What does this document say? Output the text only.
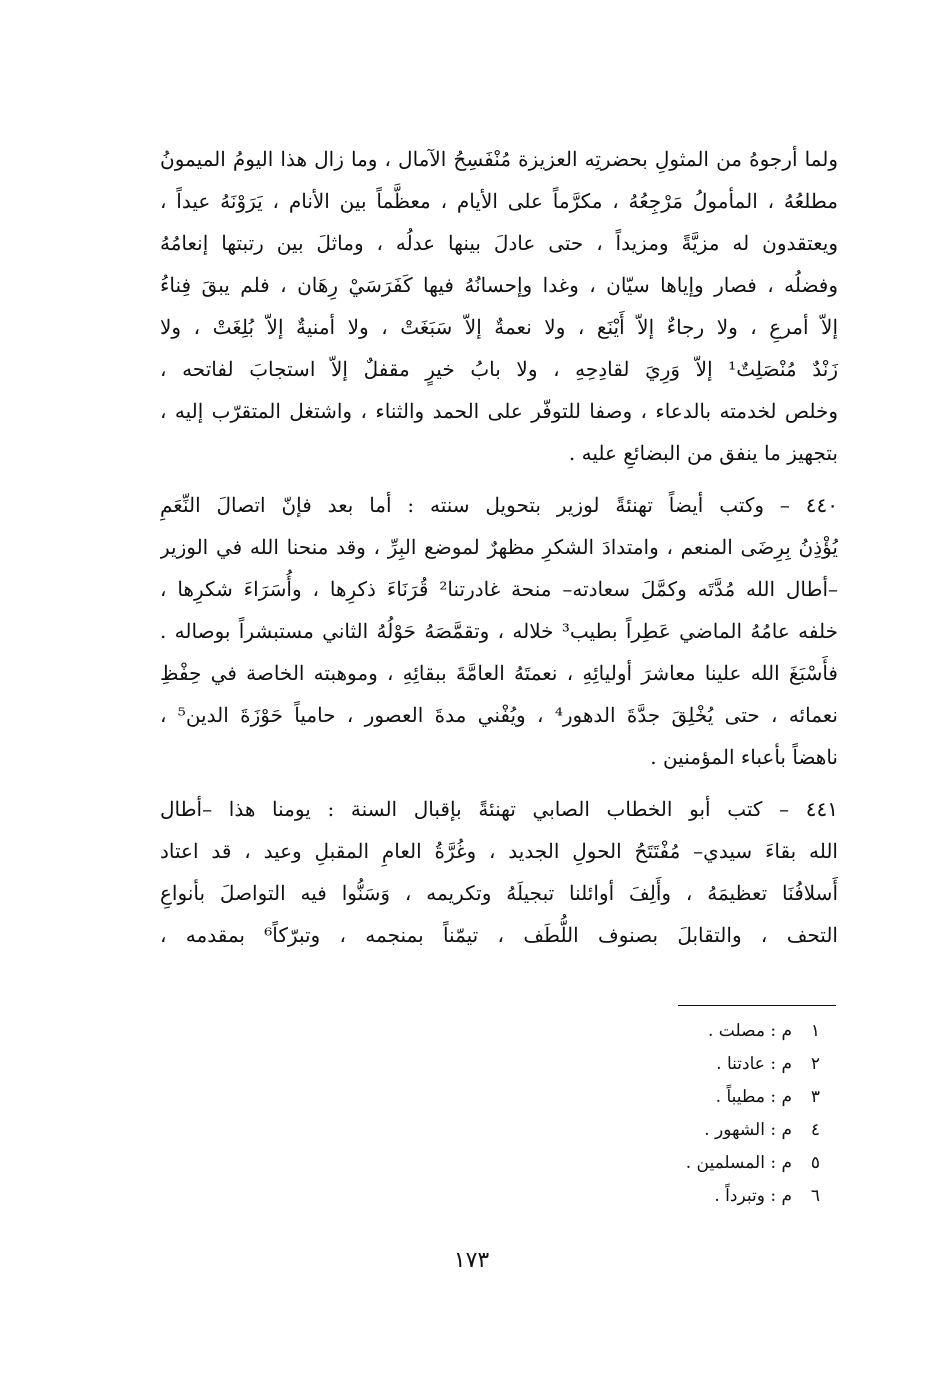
ولما أرجوهُ من المثولِ بحضرتِه العزيزة مُنْفَسِحُ الآمال ، وما زال هذا اليومُ الميمونُ
مطلعُهُ ، المأمولُ مَرْجِعُهُ ، مكرَّماً على الأيام ، معظَّماً بين الأنام ، يَرَوْنَهُ عيداً ،
ويعتقدون له مزيَّةً ومزيداً ، حتى عادلَ بينها عدلُه ، وماثلَ بين رتبتها إنعامُهُ
وفضلُه ، فصار وإياها سيّان ، وغدا وإحسانُهُ فيها كَفَرَسَيْ رِهَان ، فلم يبقَ فِناءُ
إلاّ أمرعِ ، ولا رجاءٌ إلاّ أَيْنَع ، ولا نعمةٌ إلاّ سَبَغَتْ ، ولا أمنيةٌ إلاّ بُلِغَتْ ، ولا
زَنْدٌ مُنْصَلِتٌ¹ إلاّ وَرِيَ لقادِحِهِ ، ولا بابُ خيرٍ مقفلٌ إلاّ استجابَ لفاتحه ،
وخلص لخدمته بالدعاء ، وصفا للتوفّر على الحمد والثناء ، واشتغل المتقرّب إليه ،
بتجهيز ما ينفق من البضائعِ عليه .
٤٤٠ – وكتب أيضاً تهنئةً لوزير بتحويل سنته : أما بعد فإنّ اتصالَ النِّعَمِ
يُؤْذِنُ بِرِضَى المنعم ، وامتدادَ الشكرِ مظهرٌ لموضع البِرِّ ، وقد منحنا الله في الوزير
–أطال الله مُدَّتَه وكمَّلَ سعادته– منحة غادرتنا² قُرَنَاءَ ذكرِها ، وأُسَرَاءَ شكرِها ،
خلفه عامُهُ الماضي عَطِراً بطيب³ خلاله ، وتقمَّصَهُ حَوْلُهُ الثاني مستبشراً بوصاله .
فأَسْبَغَ الله علينا معاشرَ أوليائِهِ ، نعمتَهُ العامَّةَ ببقائِهِ ، وموهبته الخاصة في حِفْظِ
نعمائه ، حتى يُخْلِقَ جدَّةَ الدهور⁴ ، ويُفْني مدةَ العصور ، حامياً حَوْزَةَ الدين⁵ ،
ناهضاً بأعباء المؤمنين .
٤٤١ – كتب أبو الخطاب الصابي تهنئةً بإقبال السنة : يومنا هذا –أطال
الله بقاءَ سيدي– مُفْتَتَحُ الحولِ الجديد ، وغُرَّةُ العامِ المقبلِ وعيد ، قد اعتاد
أَسلافُنَا تعظيمَهُ ، وأَلِفَ أوائلنا تبجيلَهُ وتكريمه ، وَسَنُّوا فيه التواصلَ بأنواعِ
التحف ، والتقابلَ بصنوف اللُّطَف ، تيمّناً بمنجمه ، وتبرّكاً⁶ بمقدمه ،
١م : مصلت .
٢م : عادتنا .
٣م : مطيباً .
٤م : الشهور .
٥م : المسلمين .
٦م : وتبرداً .
١٧٣
